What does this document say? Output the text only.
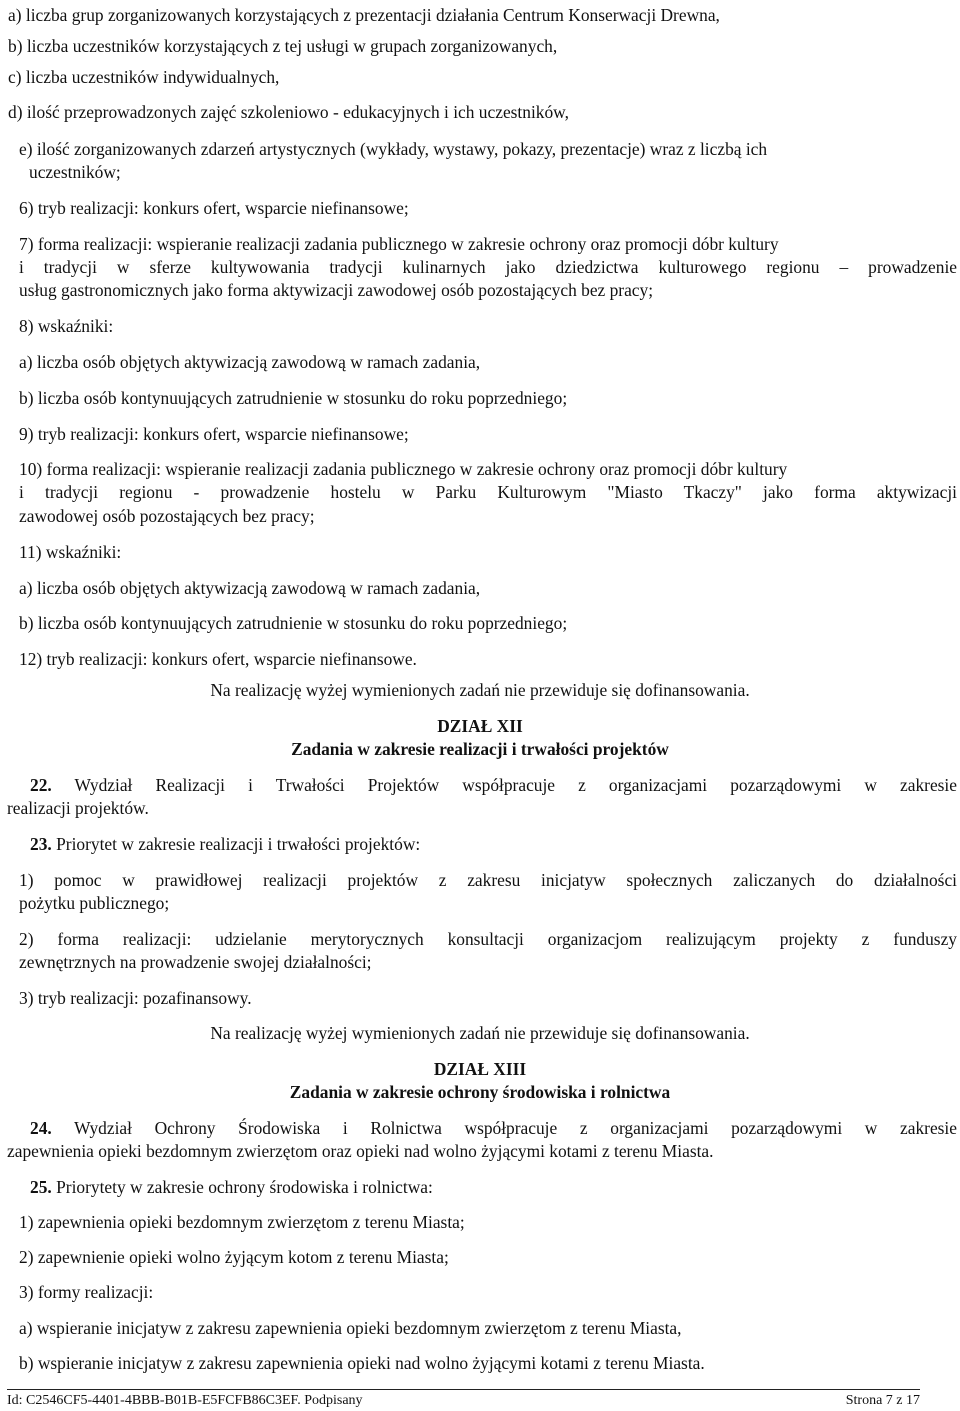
a) liczba grup zorganizowanych korzystających z prezentacji działania Centrum Konserwacji Drewna,
b) liczba uczestników korzystających z tej usługi w grupach zorganizowanych,
c) liczba uczestników indywidualnych,
d) ilość przeprowadzonych zajęć szkoleniowo - edukacyjnych i ich uczestników,
e) ilość zorganizowanych zdarzeń artystycznych (wykłady, wystawy, pokazy, prezentacje) wraz z liczbą ich
uczestników;
6) tryb realizacji: konkurs ofert, wsparcie niefinansowe;
7) forma realizacji: wspieranie realizacji zadania publicznego w zakresie ochrony oraz promocji dóbr kultury
i tradycji w sferze kultywowania tradycji kulinarnych jako dziedzictwa kulturowego regionu – prowadzenie
usług gastronomicznych jako forma aktywizacji zawodowej osób pozostających bez pracy;
8) wskaźniki:
a) liczba osób objętych aktywizacją zawodową w ramach zadania,
b) liczba osób kontynuujących zatrudnienie w stosunku do roku poprzedniego;
9) tryb realizacji: konkurs ofert, wsparcie niefinansowe;
10) forma realizacji: wspieranie realizacji zadania publicznego w zakresie ochrony oraz promocji dóbr kultury
i tradycji regionu - prowadzenie hostelu w Parku Kulturowym "Miasto Tkaczy" jako forma aktywizacji
zawodowej osób pozostających bez pracy;
11) wskaźniki:
a) liczba osób objętych aktywizacją zawodową w ramach zadania,
b) liczba osób kontynuujących zatrudnienie w stosunku do roku poprzedniego;
12) tryb realizacji: konkurs ofert, wsparcie niefinansowe.
Na realizację wyżej wymienionych zadań nie przewiduje się dofinansowania.
DZIAŁ XII
Zadania w zakresie realizacji i trwałości projektów
22. Wydział Realizacji i Trwałości Projektów współpracuje z organizacjami pozarządowymi w zakresie
realizacji projektów.
23. Priorytet w zakresie realizacji i trwałości projektów:
1) pomoc w prawidłowej realizacji projektów z zakresu inicjatyw społecznych zaliczanych do działalności
pożytku publicznego;
2) forma realizacji: udzielanie merytorycznych konsultacji organizacjom realizującym projekty z funduszy
zewnętrznych na prowadzenie swojej działalności;
3) tryb realizacji: pozafinansowy.
Na realizację wyżej wymienionych zadań nie przewiduje się dofinansowania.
DZIAŁ XIII
Zadania w zakresie ochrony środowiska i rolnictwa
24. Wydział Ochrony Środowiska i Rolnictwa współpracuje z organizacjami pozarządowymi w zakresie
zapewnienia opieki bezdomnym zwierzętom oraz opieki nad wolno żyjącymi kotami z terenu Miasta.
25. Priorytety w zakresie ochrony środowiska i rolnictwa:
1) zapewnienia opieki bezdomnym zwierzętom z terenu Miasta;
2) zapewnienie opieki wolno żyjącym kotom z terenu Miasta;
3) formy realizacji:
a) wspieranie inicjatyw z zakresu zapewnienia opieki bezdomnym zwierzętom z terenu Miasta,
b) wspieranie inicjatyw z zakresu zapewnienia opieki nad wolno żyjącymi kotami z terenu Miasta.
Id: C2546CF5-4401-4BBB-B01B-E5FCFB86C3EF. Podpisany	Strona 7 z 17
